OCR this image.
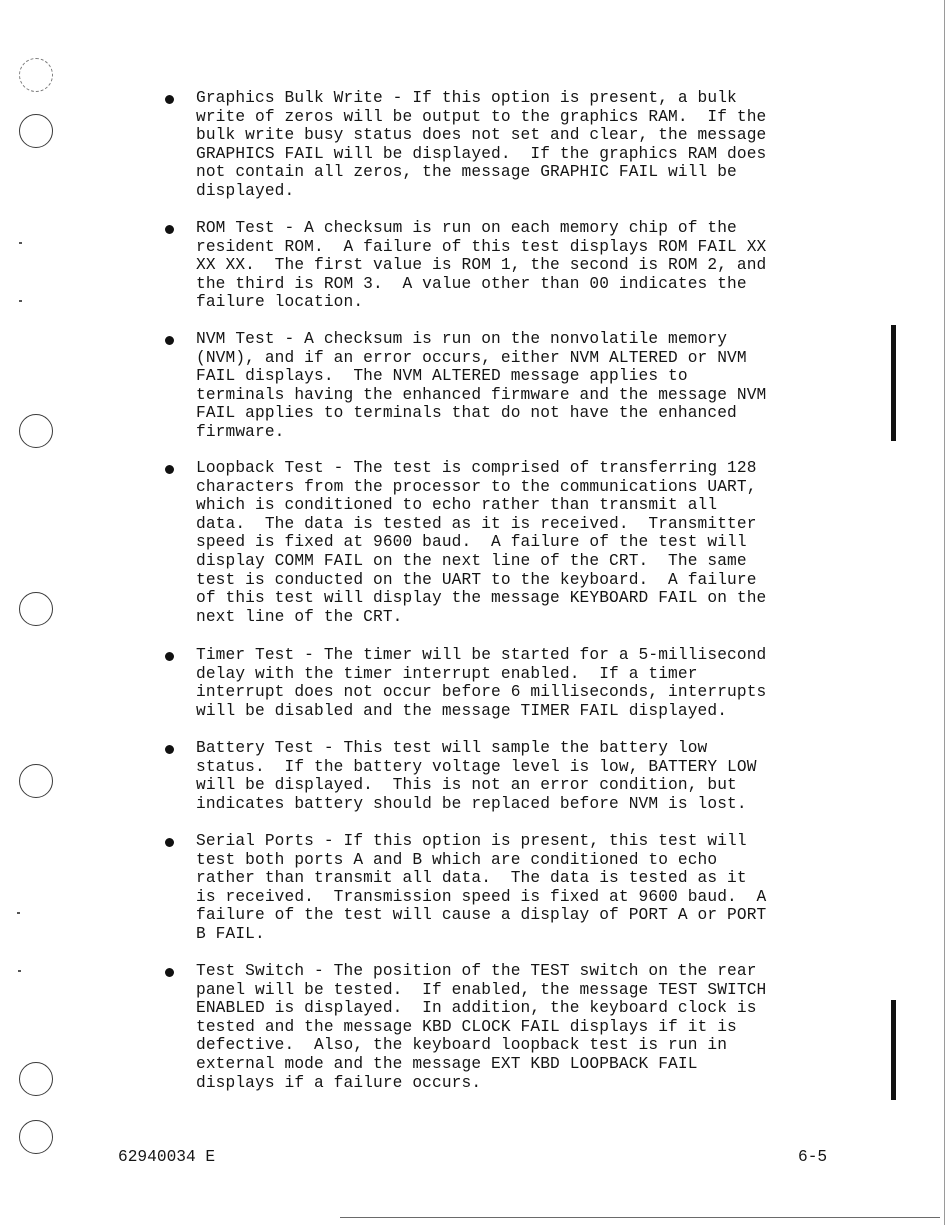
Graphics Bulk Write - If this option is present, a bulk
write of zeros will be output to the graphics RAM.  If the
bulk write busy status does not set and clear, the message
GRAPHICS FAIL will be displayed.  If the graphics RAM does
not contain all zeros, the message GRAPHIC FAIL will be
displayed.

ROM Test - A checksum is run on each memory chip of the
resident ROM.  A failure of this test displays ROM FAIL XX
XX XX.  The first value is ROM 1, the second is ROM 2, and
the third is ROM 3.  A value other than 00 indicates the
failure location.

NVM Test - A checksum is run on the nonvolatile memory
(NVM), and if an error occurs, either NVM ALTERED or NVM
FAIL displays.  The NVM ALTERED message applies to
terminals having the enhanced firmware and the message NVM
FAIL applies to terminals that do not have the enhanced
firmware.

Loopback Test - The test is comprised of transferring 128
characters from the processor to the communications UART,
which is conditioned to echo rather than transmit all
data.  The data is tested as it is received.  Transmitter
speed is fixed at 9600 baud.  A failure of the test will
display COMM FAIL on the next line of the CRT.  The same
test is conducted on the UART to the keyboard.  A failure
of this test will display the message KEYBOARD FAIL on the
next line of the CRT.

Timer Test - The timer will be started for a 5-millisecond
delay with the timer interrupt enabled.  If a timer
interrupt does not occur before 6 milliseconds, interrupts
will be disabled and the message TIMER FAIL displayed.

Battery Test - This test will sample the battery low
status.  If the battery voltage level is low, BATTERY LOW
will be displayed.  This is not an error condition, but
indicates battery should be replaced before NVM is lost.

Serial Ports - If this option is present, this test will
test both ports A and B which are conditioned to echo
rather than transmit all data.  The data is tested as it
is received.  Transmission speed is fixed at 9600 baud.  A
failure of the test will cause a display of PORT A or PORT
B FAIL.

Test Switch - The position of the TEST switch on the rear
panel will be tested.  If enabled, the message TEST SWITCH
ENABLED is displayed.  In addition, the keyboard clock is
tested and the message KBD CLOCK FAIL displays if it is
defective.  Also, the keyboard loopback test is run in
external mode and the message EXT KBD LOOPBACK FAIL
displays if a failure occurs.

62940034 E	6-5
